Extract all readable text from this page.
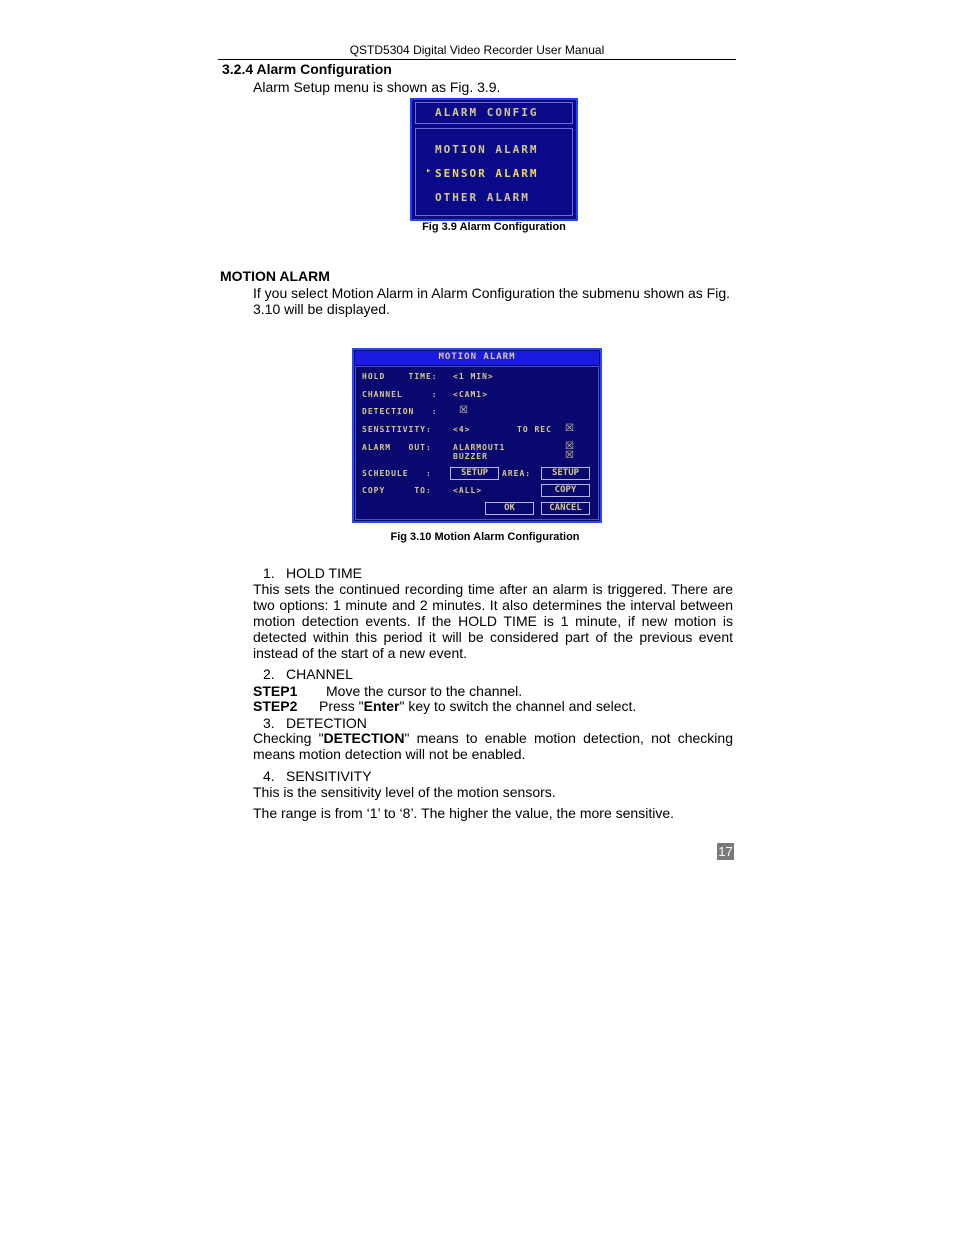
QSTD5304 Digital Video Recorder User Manual
3.2.4 Alarm Configuration
Alarm Setup menu is shown as Fig. 3.9.
ALARM CONFIG
MOTION ALARM
▸ SENSOR ALARM
OTHER ALARM
Fig 3.9 Alarm Configuration
MOTION ALARM
If you select Motion Alarm in Alarm Configuration the submenu shown as Fig.
3.10 will be displayed.
MOTION ALARM
HOLD    TIME: <1 MIN>
CHANNEL     : <CAM1>
DETECTION   : ☒
SENSITIVITY:	<4>	TO REC ☒
ALARM   OUT:	ALARMOUT1	☒
BUZZER	☒
SCHEDULE   :	SETUP	AREA:	SETUP
COPY     TO:	<ALL>	COPY
OK	CANCEL
Fig 3.10 Motion Alarm Configuration
1. HOLD TIME
This sets the continued recording time after an alarm is triggered. There are two options: 1 minute and 2 minutes. It also determines the interval between motion detection events. If the HOLD TIME is 1 minute, if new motion is detected within this period it will be considered part of the previous event instead of the start of a new event.
2. CHANNEL
STEP1 Move the cursor to the channel.
STEP2 Press "Enter" key to switch the channel and select.
3. DETECTION
Checking "DETECTION" means to enable motion detection, not checking means motion detection will not be enabled.
4. SENSITIVITY
This is the sensitivity level of the motion sensors.
The range is from ‘1’ to ‘8’. The higher the value, the more sensitive.
17
